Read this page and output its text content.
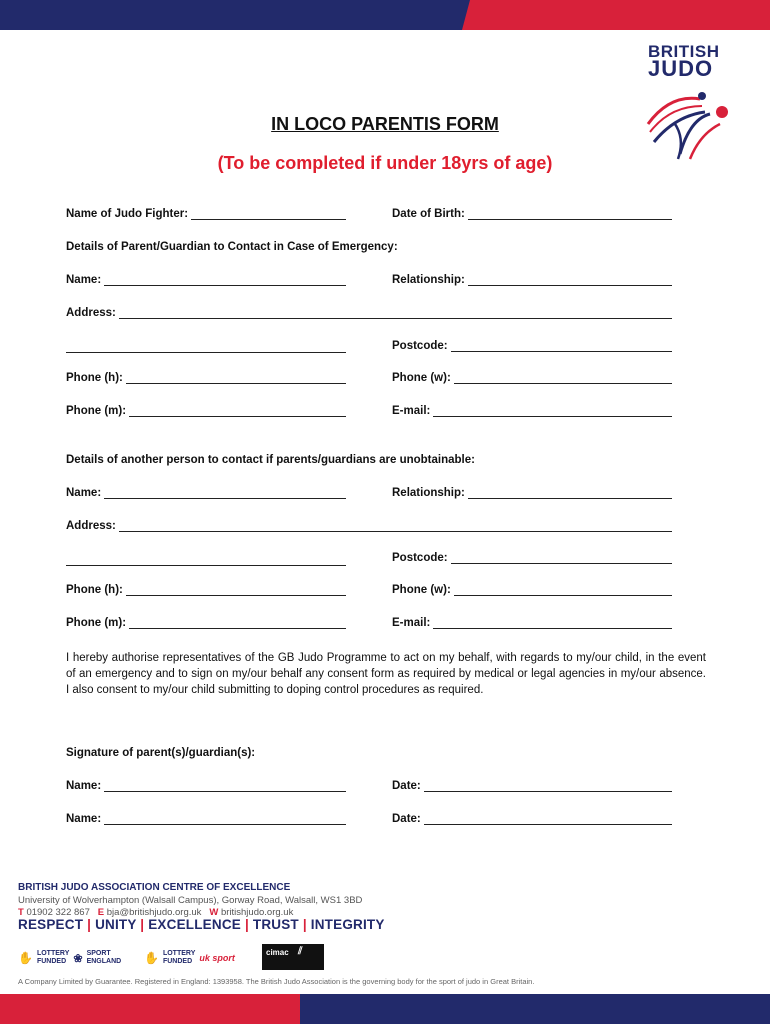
BRITISH
JUDO
IN LOCO PARENTIS FORM
(To be completed if under 18yrs of age)
Name of Judo Fighter:	Date of Birth:
Details of Parent/Guardian to Contact in Case of Emergency:
Name:	Relationship:
Address:
Postcode:
Phone (h):	Phone (w):
Phone (m):	E-mail:
Details of another person to contact if parents/guardians are unobtainable:
Name:	Relationship:
Address:
Postcode:
Phone (h):	Phone (w):
Phone (m):	E-mail:
I hereby authorise representatives of the GB Judo Programme to act on my behalf, with regards to my/our child, in the event of an emergency and to sign on my/our behalf any consent form as required by medical or legal agencies in my/our absence. I also consent to my/our child submitting to doping control procedures as required.
Signature of parent(s)/guardian(s):
Name:	Date:
Name:	Date:
BRITISH JUDO ASSOCIATION CENTRE OF EXCELLENCE
University of Wolverhampton (Walsall Campus), Gorway Road, Walsall, WS1 3BD
T 01902 322 867 E bja@britishjudo.org.uk W britishjudo.org.uk
RESPECT | UNITY | EXCELLENCE | TRUST | INTEGRITY
✋ LOTTERY
FUNDED ❀ SPORT
ENGLAND ✋ LOTTERY
FUNDED uk sport
cimac ⫽
A Company Limited by Guarantee. Registered in England: 1393958. The British Judo Association is the governing body for the sport of judo in Great Britain.
